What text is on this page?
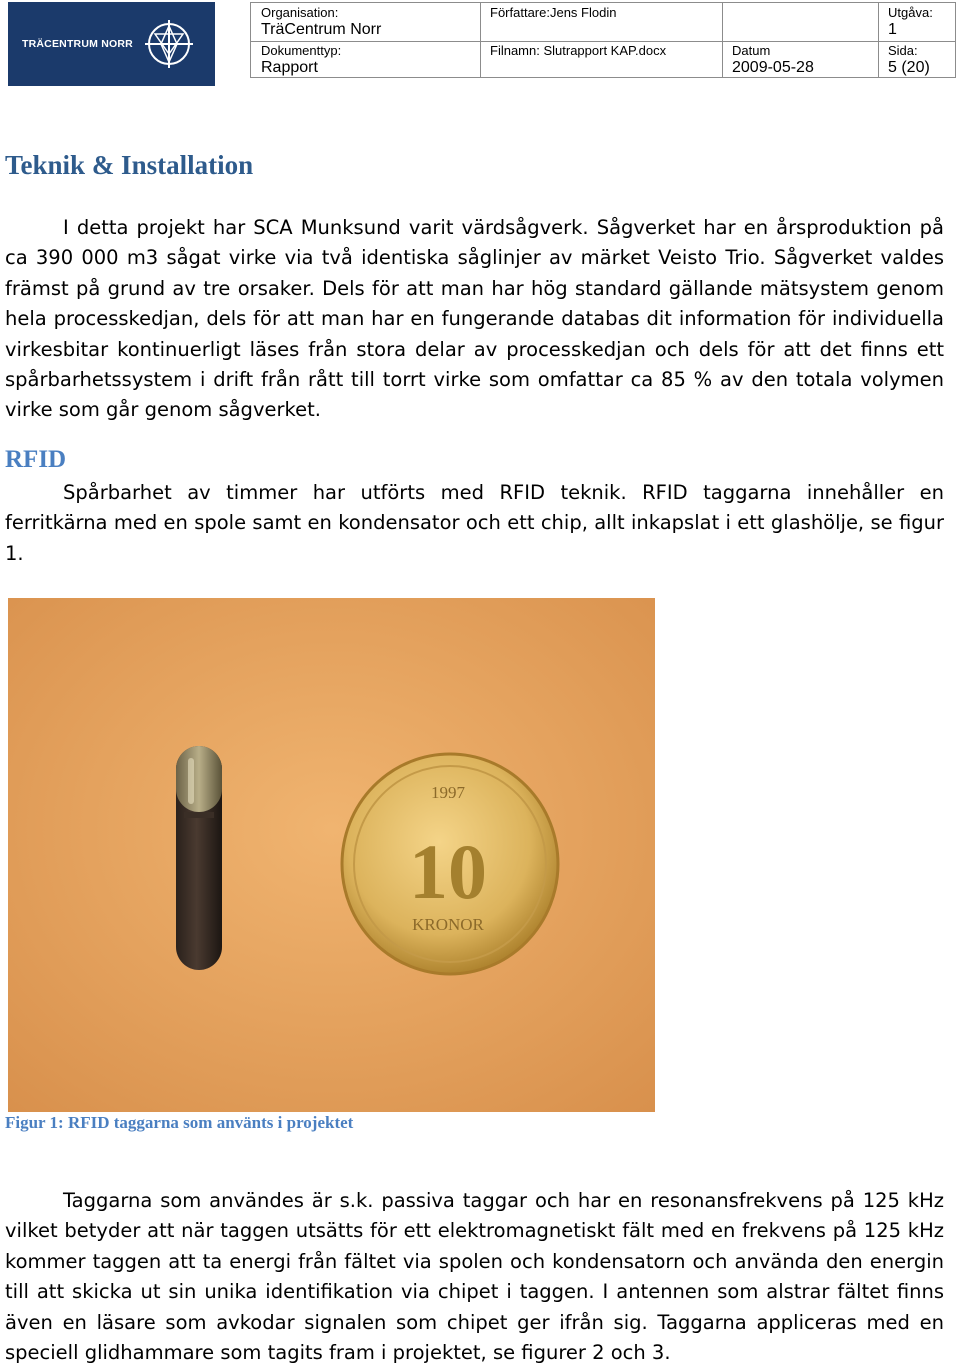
TRÄCENTRUM NORR
Organisation:
TräCentrum Norr
Författare:Jens Flodin	Utgåva:
1
Dokumenttyp:
Rapport
Filnamn: Slutrapport KAP.docx	Datum
2009-05-28
Sida:
5 (20)
Teknik & Installation
I detta projekt har SCA Munksund varit värdsågverk. Sågverket har en årsproduktion på ca 390 000 m3 sågat virke via två identiska såglinjer av märket Veisto Trio. Sågverket valdes främst på grund av tre orsaker. Dels för att man har hög standard gällande mätsystem genom hela processkedjan, dels för att man har en fungerande databas dit information för individuella virkesbitar kontinuerligt läses från stora delar av processkedjan och dels för att det finns ett spårbarhetssystem i drift från rått till torrt virke som omfattar ca 85 % av den totala volymen virke som går genom sågverket.
RFID
Spårbarhet av timmer har utförts med RFID teknik. RFID taggarna innehåller en ferritkärna med en spole samt en kondensator och ett chip, allt inkapslat i ett glashölje, se figur 1.
1997
10
KRONOR
Figur 1: RFID taggarna som använts i projektet
Taggarna som användes är s.k. passiva taggar och har en resonansfrekvens på 125 kHz vilket betyder att när taggen utsätts för ett elektromagnetiskt fält med en frekvens på 125 kHz kommer taggen att ta energi från fältet via spolen och kondensatorn och använda den energin till att skicka ut sin unika identifikation via chipet i taggen. I antennen som alstrar fältet finns även en läsare som avkodar signalen som chipet ger ifrån sig. Taggarna appliceras med en speciell glidhammare som tagits fram i projektet, se figurer 2 och 3.
